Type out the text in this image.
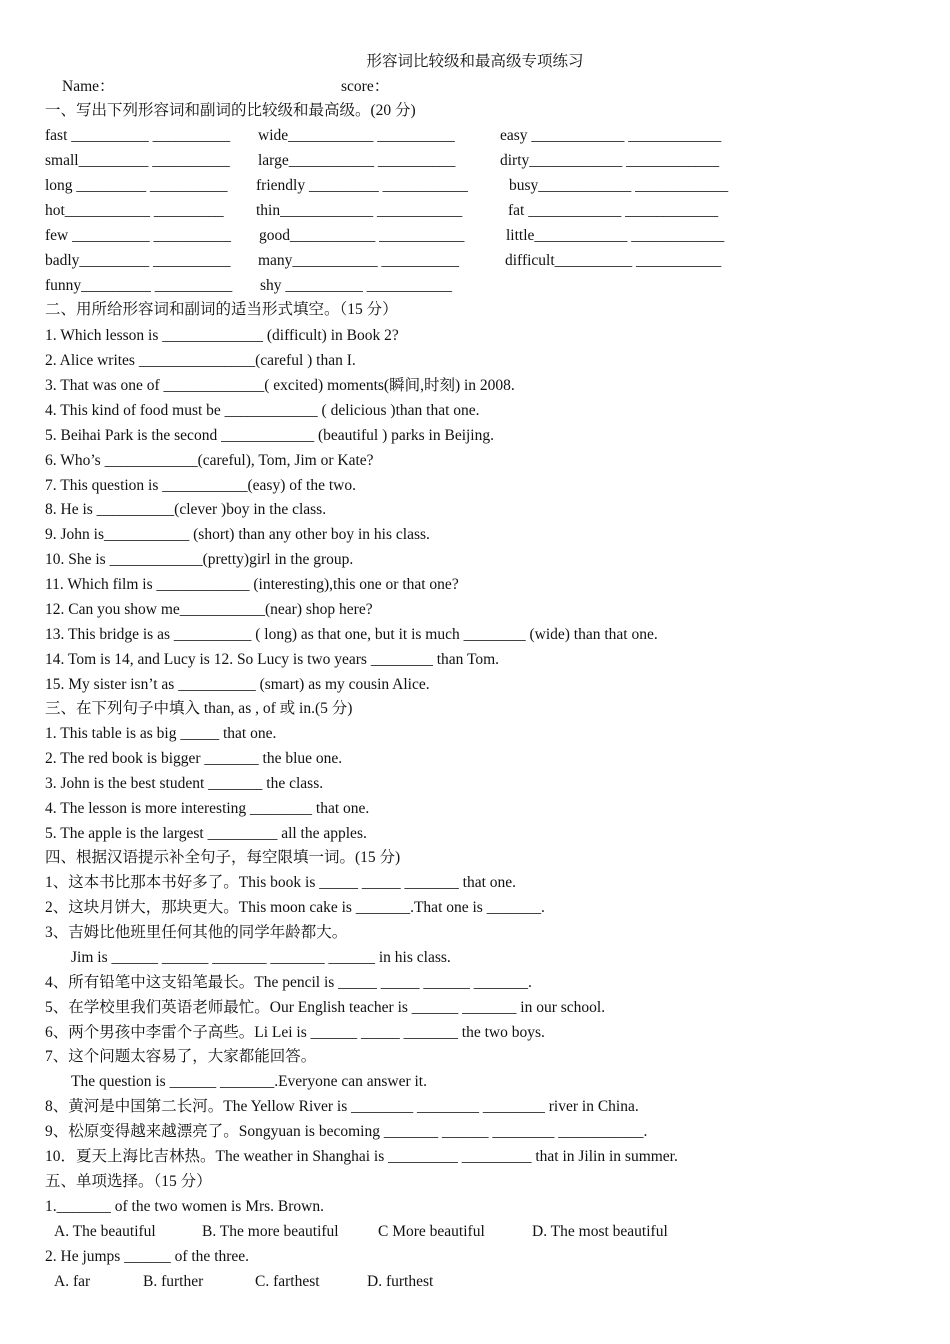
形容词比较级和最高级专项练习
Name：	score：
一、写出下列形容词和副词的比较级和最高级。(20 分)
fast __________ __________ wide___________ __________	easy ____________ ____________
small_________ __________ large___________ __________	dirty____________ ____________
long _________ __________ friendly _________ ___________	busy____________ ____________
hot___________ _________ thin____________ ___________	fat ____________ ____________
few __________ __________ good___________ ___________	little____________ ____________
badly_________ __________ many___________ __________	difficult__________ ___________
funny_________ __________ shy __________ ___________
二、用所给形容词和副词的适当形式填空。（15 分）
1. Which lesson is _____________ (difficult) in Book 2?
2. Alice writes _______________(careful ) than I.
3. That was one of _____________( excited) moments(瞬间,时刻) in 2008.
4. This kind of food must be ____________ ( delicious )than that one.
5. Beihai Park is the second ____________ (beautiful ) parks in Beijing.
6. Who’s ____________(careful), Tom, Jim or Kate?
7. This question is ___________(easy) of the two.
8. He is __________(clever )boy in the class.
9. John is___________ (short) than any other boy in his class.
10. She is ____________(pretty)girl in the group.
11. Which film is ____________ (interesting),this one or that one?
12. Can you show me___________(near) shop here?
13. This bridge is as __________ ( long) as that one, but it is much ________ (wide) than that one.
14. Tom is 14, and Lucy is 12. So Lucy is two years ________ than Tom.
15. My sister isn’t as __________ (smart) as my cousin Alice.
三、在下列句子中填入 than, as , of 或 in.(5 分)
1. This table is as big _____ that one.
2. The red book is bigger _______ the blue one.
3. John is the best student _______ the class.
4. The lesson is more interesting ________ that one.
5. The apple is the largest _________ all the apples.
四、根据汉语提示补全句子，每空限填一词。(15 分)
1、这本书比那本书好多了。This book is _____ _____ _______ that one.
2、这块月饼大，那块更大。This moon cake is _______.That one is _______.
3、吉姆比他班里任何其他的同学年龄都大。
Jim is ______ ______ _______ _______ ______ in his class.
4、所有铅笔中这支铅笔最长。The pencil is _____ _____ ______ _______.
5、在学校里我们英语老师最忙。Our English teacher is ______ _______ in our school.
6、两个男孩中李雷个子高些。Li Lei is ______ _____ _______ the two boys.
7、这个问题太容易了，大家都能回答。
The question is ______ _______.Everyone can answer it.
8、黄河是中国第二长河。The Yellow River is ________ ________ ________ river in China.
9、松原变得越来越漂亮了。Songyuan is becoming _______ ______ ________ ___________.
10．夏天上海比吉林热。The weather in Shanghai is _________ _________ that in Jilin in summer.
五、单项选择。（15 分）
1._______ of the two women is Mrs. Brown.
A. The beautiful	B. The more beautiful	C More beautiful	D. The most beautiful
2. He jumps ______ of the three.
A. far	B. further	C. farthest	D. furthest
